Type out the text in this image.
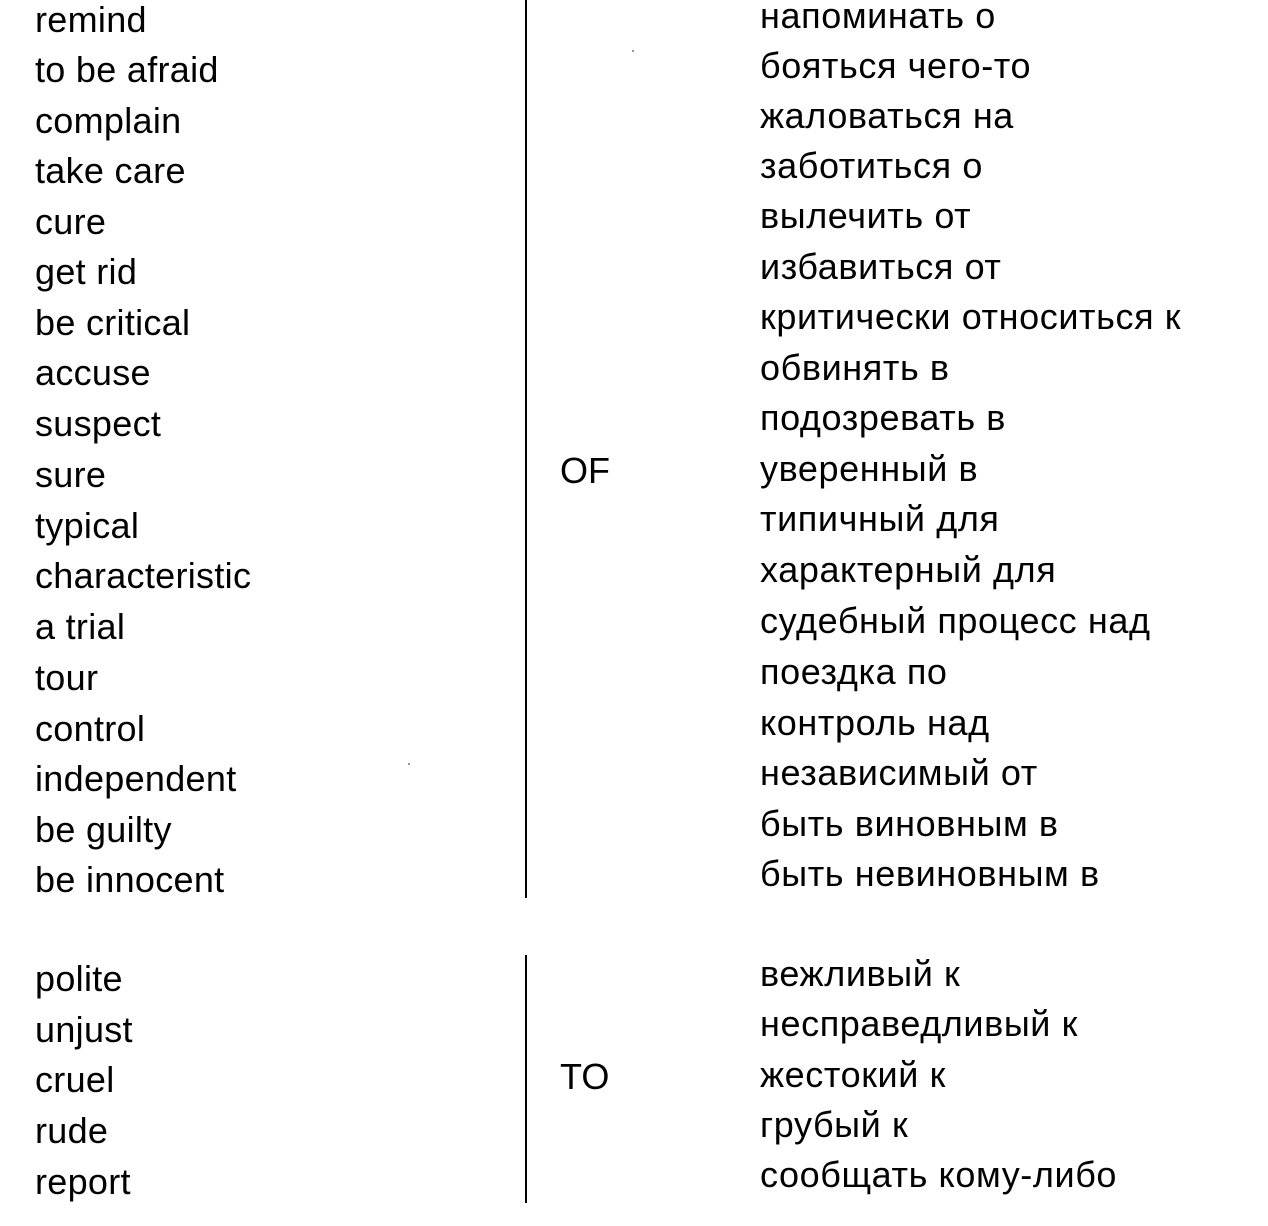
OF
remind	напоминать о
to be afraid	бояться чего-то
complain	жаловаться на
take care	заботиться о
cure	вылечить от
get rid	избавиться от
be critical	критически относиться к
accuse	обвинять в
suspect	подозревать в
sure	уверенный в
typical	типичный для
characteristic	характерный для
a trial	судебный процесс над
tour	поездка по
control	контроль над
independent	независимый от
be guilty	быть виновным в
be innocent	быть невиновным в
TO
polite	вежливый к
unjust	несправедливый к
cruel	жестокий к
rude	грубый к
report	сообщать кому-либо
